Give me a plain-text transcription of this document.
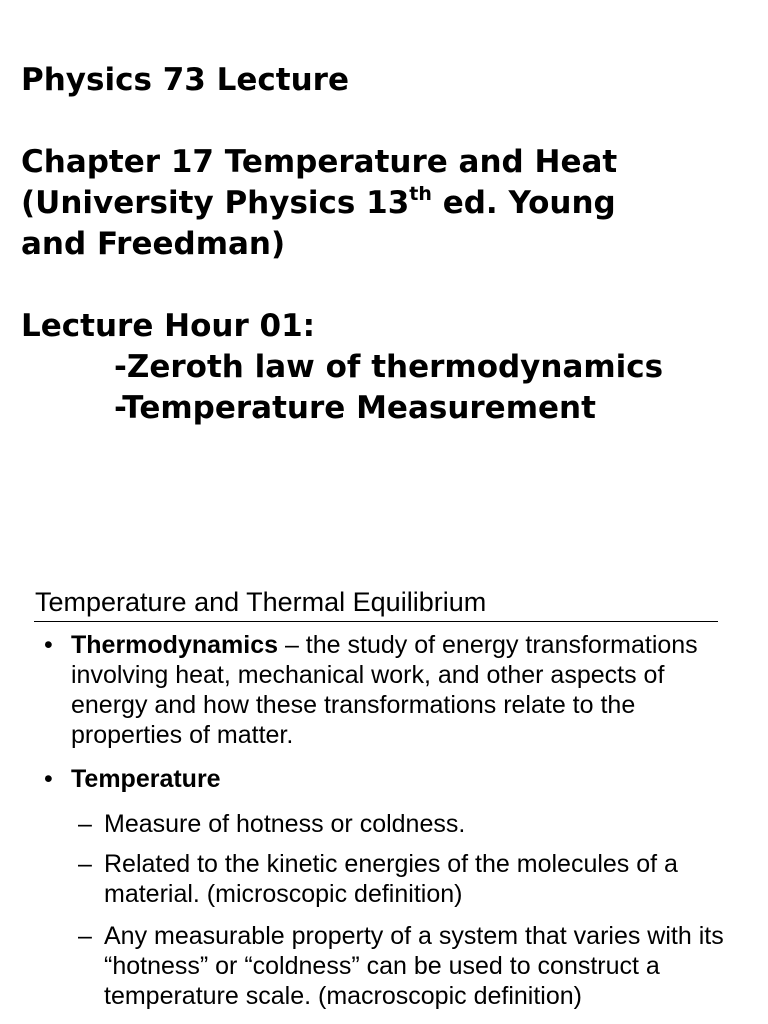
Physics 73 Lecture
Chapter 17 Temperature and Heat
(University Physics 13th ed. Young
and Freedman)
Lecture Hour 01:
-Zeroth law of thermodynamics
-Temperature Measurement
Temperature and Thermal Equilibrium
• Thermodynamics – the study of energy transformations involving heat, mechanical work, and other aspects of energy and how these transformations relate to the properties of matter.
• Temperature
– Measure of hotness or coldness.
– Related to the kinetic energies of the molecules of a material. (microscopic definition)
– Any measurable property of a system that varies with its “hotness” or “coldness” can be used to construct a temperature scale. (macroscopic definition)
